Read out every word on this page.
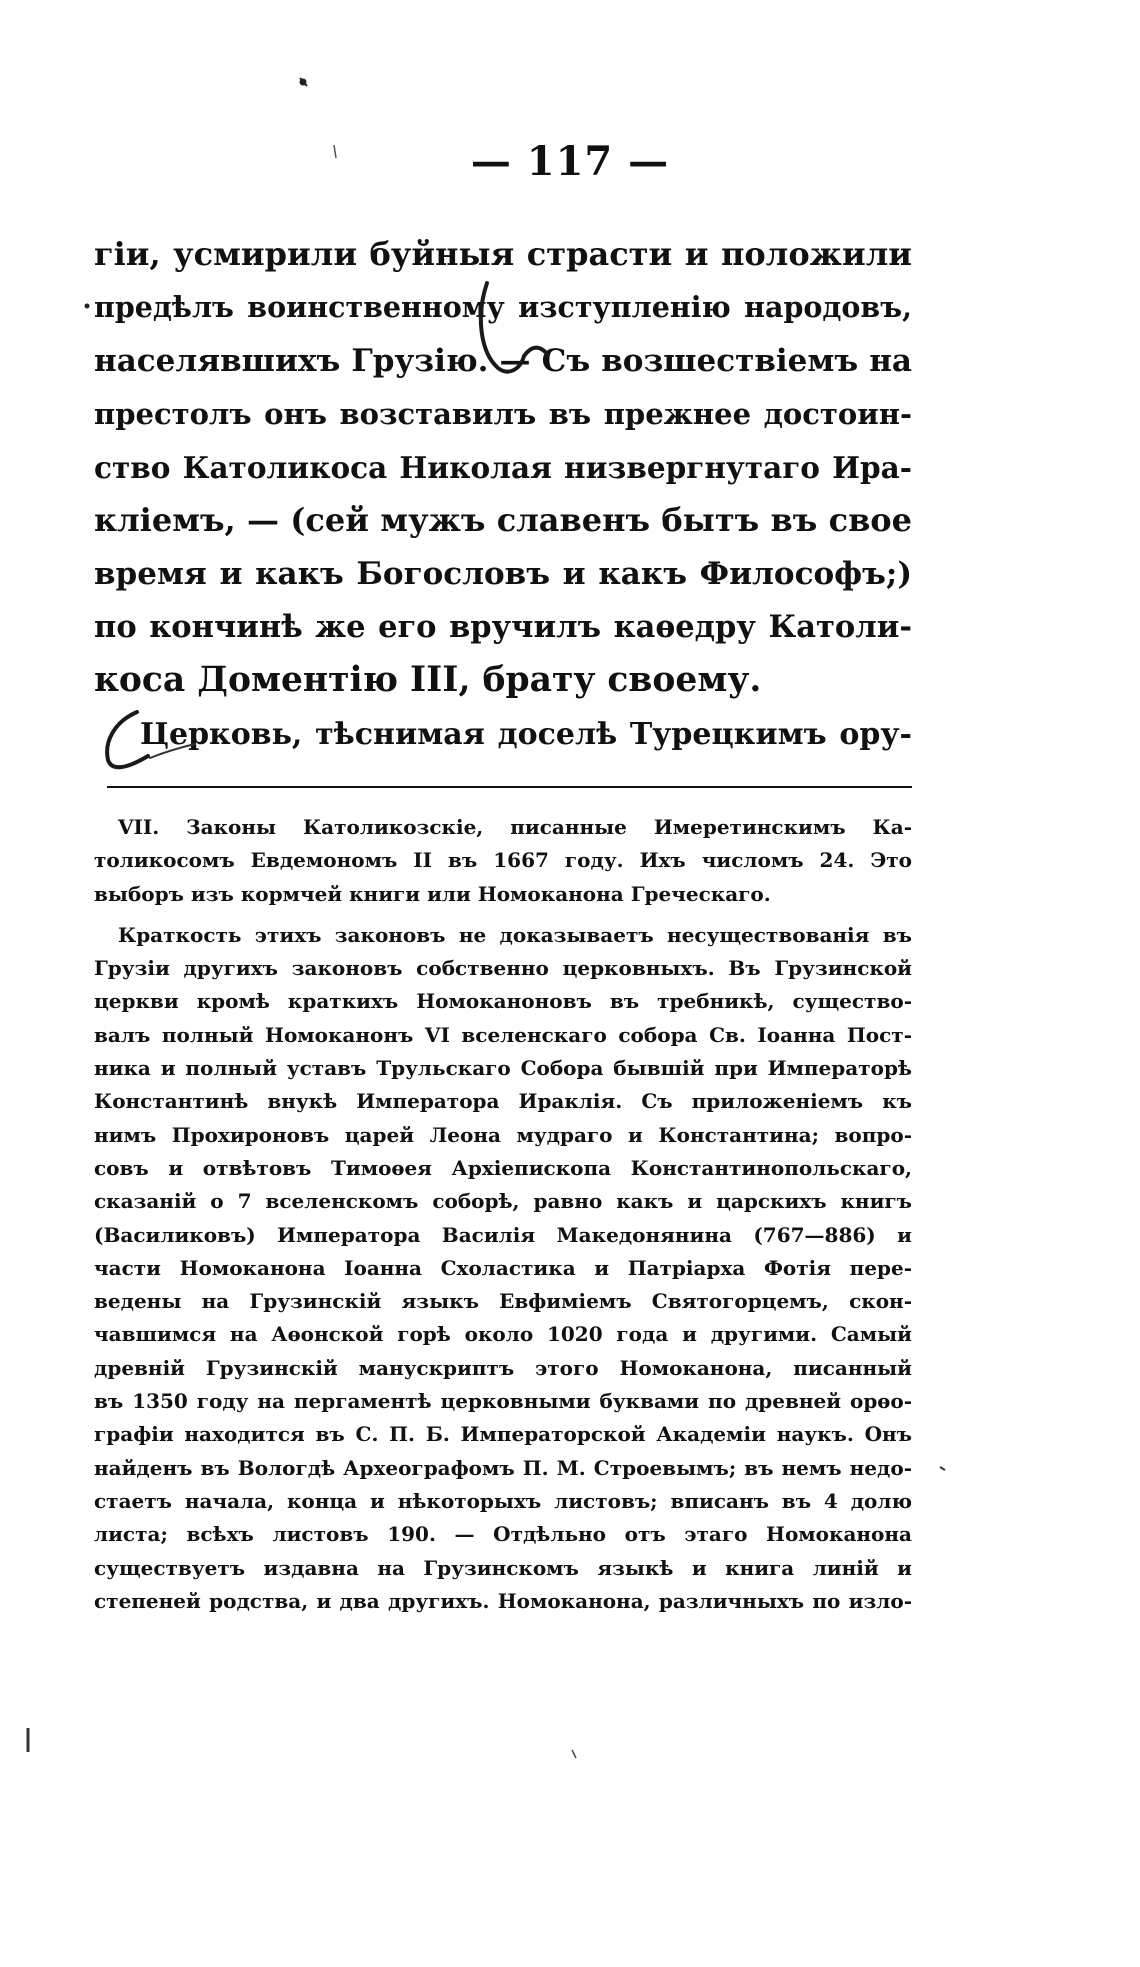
— 117 —
гіи, усмирили буйныя страсти и положили
предѣлъ воинственному изступленію народовъ,
населявшихъ Грузію. — Съ возшествіемъ на
престолъ онъ возставилъ въ прежнее достоин-
ство Католикоса Николая низвергнутаго Ира-
кліемъ, — (сей мужъ славенъ бытъ въ свое
время и какъ Богословъ и какъ Философъ;)
по кончинѣ же его вручилъ каѳедру Католи-
коса Доментію III, брату своему.
Церковь, тѣснимая доселѣ Турецкимъ ору-
VII. Законы Католикозскіе, писанные Имеретинскимъ Ка-
толикосомъ Евдемономъ II въ 1667 году. Ихъ числомъ 24. Это
выборъ изъ кормчей книги или Номоканона Греческаго.
Краткость этихъ законовъ не доказываетъ несуществованія въ
Грузіи другихъ законовъ собственно церковныхъ. Въ Грузинской
церкви кромѣ краткихъ Номоканоновъ въ требникѣ, существо-
валъ полный Номоканонъ VI вселенскаго собора Св. Іоанна Пост-
ника и полный уставъ Трульскаго Собора бывшій при Императорѣ
Константинѣ внукѣ Императора Ираклія. Съ приложеніемъ къ
нимъ Прохироновъ царей Леона мудраго и Константина; вопро-
совъ и отвѣтовъ Тимоѳея Архіепископа Константинопольскаго,
сказаній о 7 вселенскомъ соборѣ, равно какъ и царскихъ книгъ
(Василиковъ) Императора Василія Македонянина (767—886) и
части Номоканона Іоанна Схоластика и Патріарха Фотія пере-
ведены на Грузинскій языкъ Евфиміемъ Святогорцемъ, скон-
чавшимся на Аѳонской горѣ около 1020 года и другими. Самый
древній Грузинскій манускриптъ этого Номоканона, писанный
въ 1350 году на пергаментѣ церковными буквами по древней орѳо-
графіи находится въ С. П. Б. Императорской Академіи наукъ. Онъ
найденъ въ Вологдѣ Археографомъ П. М. Строевымъ; въ немъ недо-
стаетъ начала, конца и нѣкоторыхъ листовъ; вписанъ въ 4 долю
листа; всѣхъ листовъ 190. — Отдѣльно отъ этаго Номоканона
существуетъ издавна на Грузинскомъ языкѣ и книга линій и
степеней родства, и два другихъ. Номоканона, различныхъ по изло-
